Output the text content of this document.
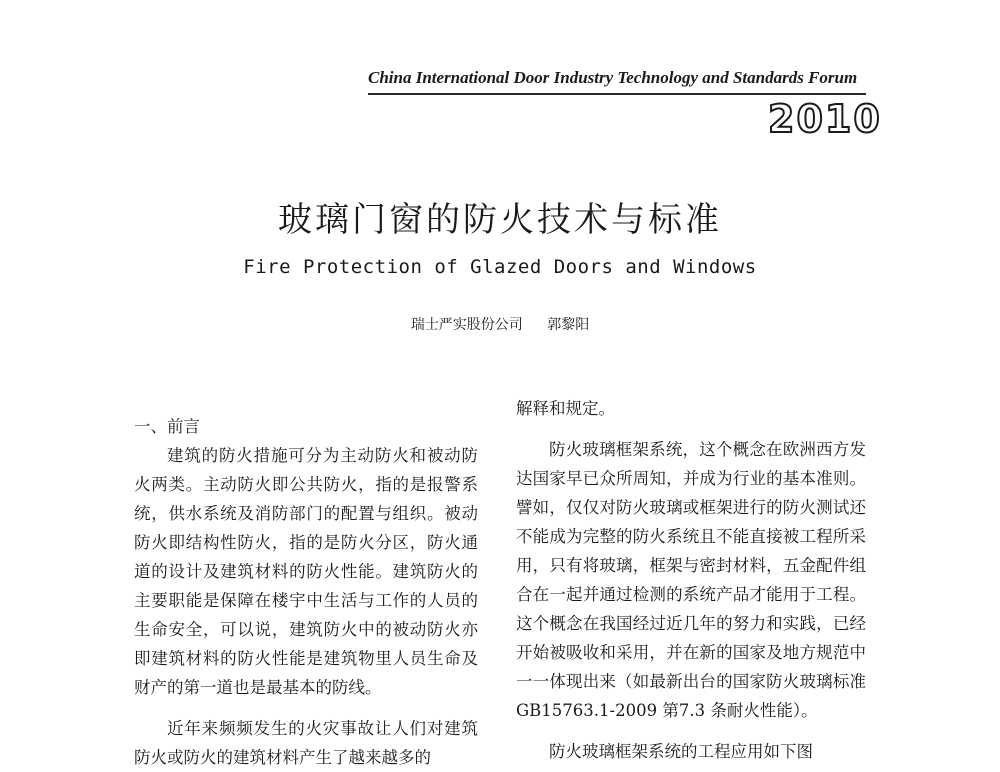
China International Door Industry Technology and Standards Forum
2010
玻璃门窗的防火技术与标准
Fire Protection of Glazed Doors and Windows
瑞士严实股份公司 郭黎阳

一、前言

建筑的防火措施可分为主动防火和被动防火两类。主动防火即公共防火，指的是报警系统，供水系统及消防部门的配置与组织。被动防火即结构性防火，指的是防火分区，防火通道的设计及建筑材料的防火性能。建筑防火的主要职能是保障在楼宇中生活与工作的人员的生命安全，可以说，建筑防火中的被动防火亦即建筑材料的防火性能是建筑物里人员生命及财产的第一道也是最基本的防线。

近年来频频发生的火灾事故让人们对建筑防火或防火的建筑材料产生了越来越多的

解释和规定。

防火玻璃框架系统，这个概念在欧洲西方发达国家早已众所周知，并成为行业的基本准则。譬如，仅仅对防火玻璃或框架进行的防火测试还不能成为完整的防火系统且不能直接被工程所采用，只有将玻璃，框架与密封材料，五金配件组合在一起并通过检测的系统产品才能用于工程。这个概念在我国经过近几年的努力和实践，已经开始被吸收和采用，并在新的国家及地方规范中一一体现出来（如最新出台的国家防火玻璃标准 GB15763.1-2009 第7.3 条耐火性能）。

防火玻璃框架系统的工程应用如下图
